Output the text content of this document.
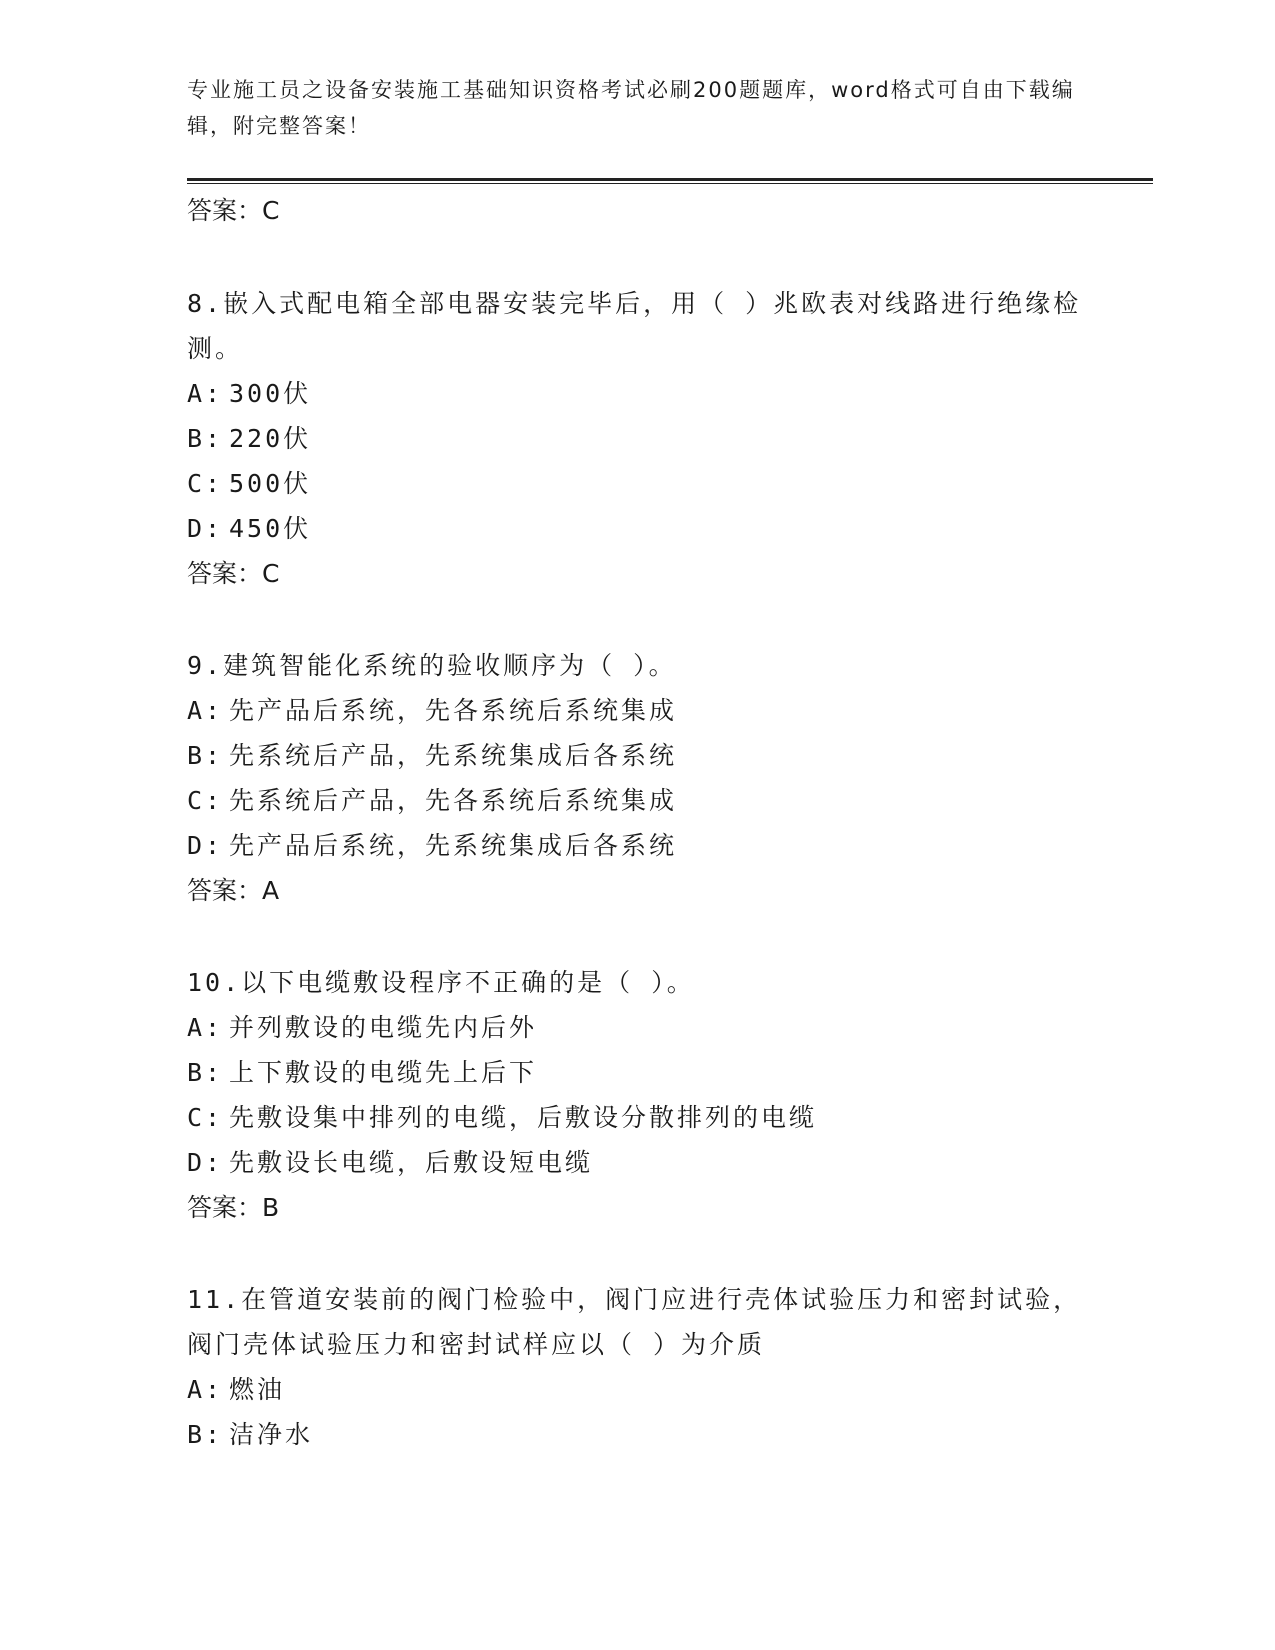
专业施工员之设备安装施工基础知识资格考试必刷200题题库，word格式可自由下载编辑，附完整答案！
答案：C
8.嵌入式配电箱全部电器安装完毕后，用（ ）兆欧表对线路进行绝缘检测。
A: 300伏
B: 220伏
C: 500伏
D: 450伏
答案：C
9.建筑智能化系统的验收顺序为（ ）。
A: 先产品后系统，先各系统后系统集成
B: 先系统后产品，先系统集成后各系统
C: 先系统后产品，先各系统后系统集成
D: 先产品后系统，先系统集成后各系统
答案：A
10.以下电缆敷设程序不正确的是（ ）。
A: 并列敷设的电缆先内后外
B: 上下敷设的电缆先上后下
C: 先敷设集中排列的电缆，后敷设分散排列的电缆
D: 先敷设长电缆，后敷设短电缆
答案：B
11.在管道安装前的阀门检验中，阀门应进行壳体试验压力和密封试验，阀门壳体试验压力和密封试样应以（ ）为介质
A: 燃油
B: 洁净水
